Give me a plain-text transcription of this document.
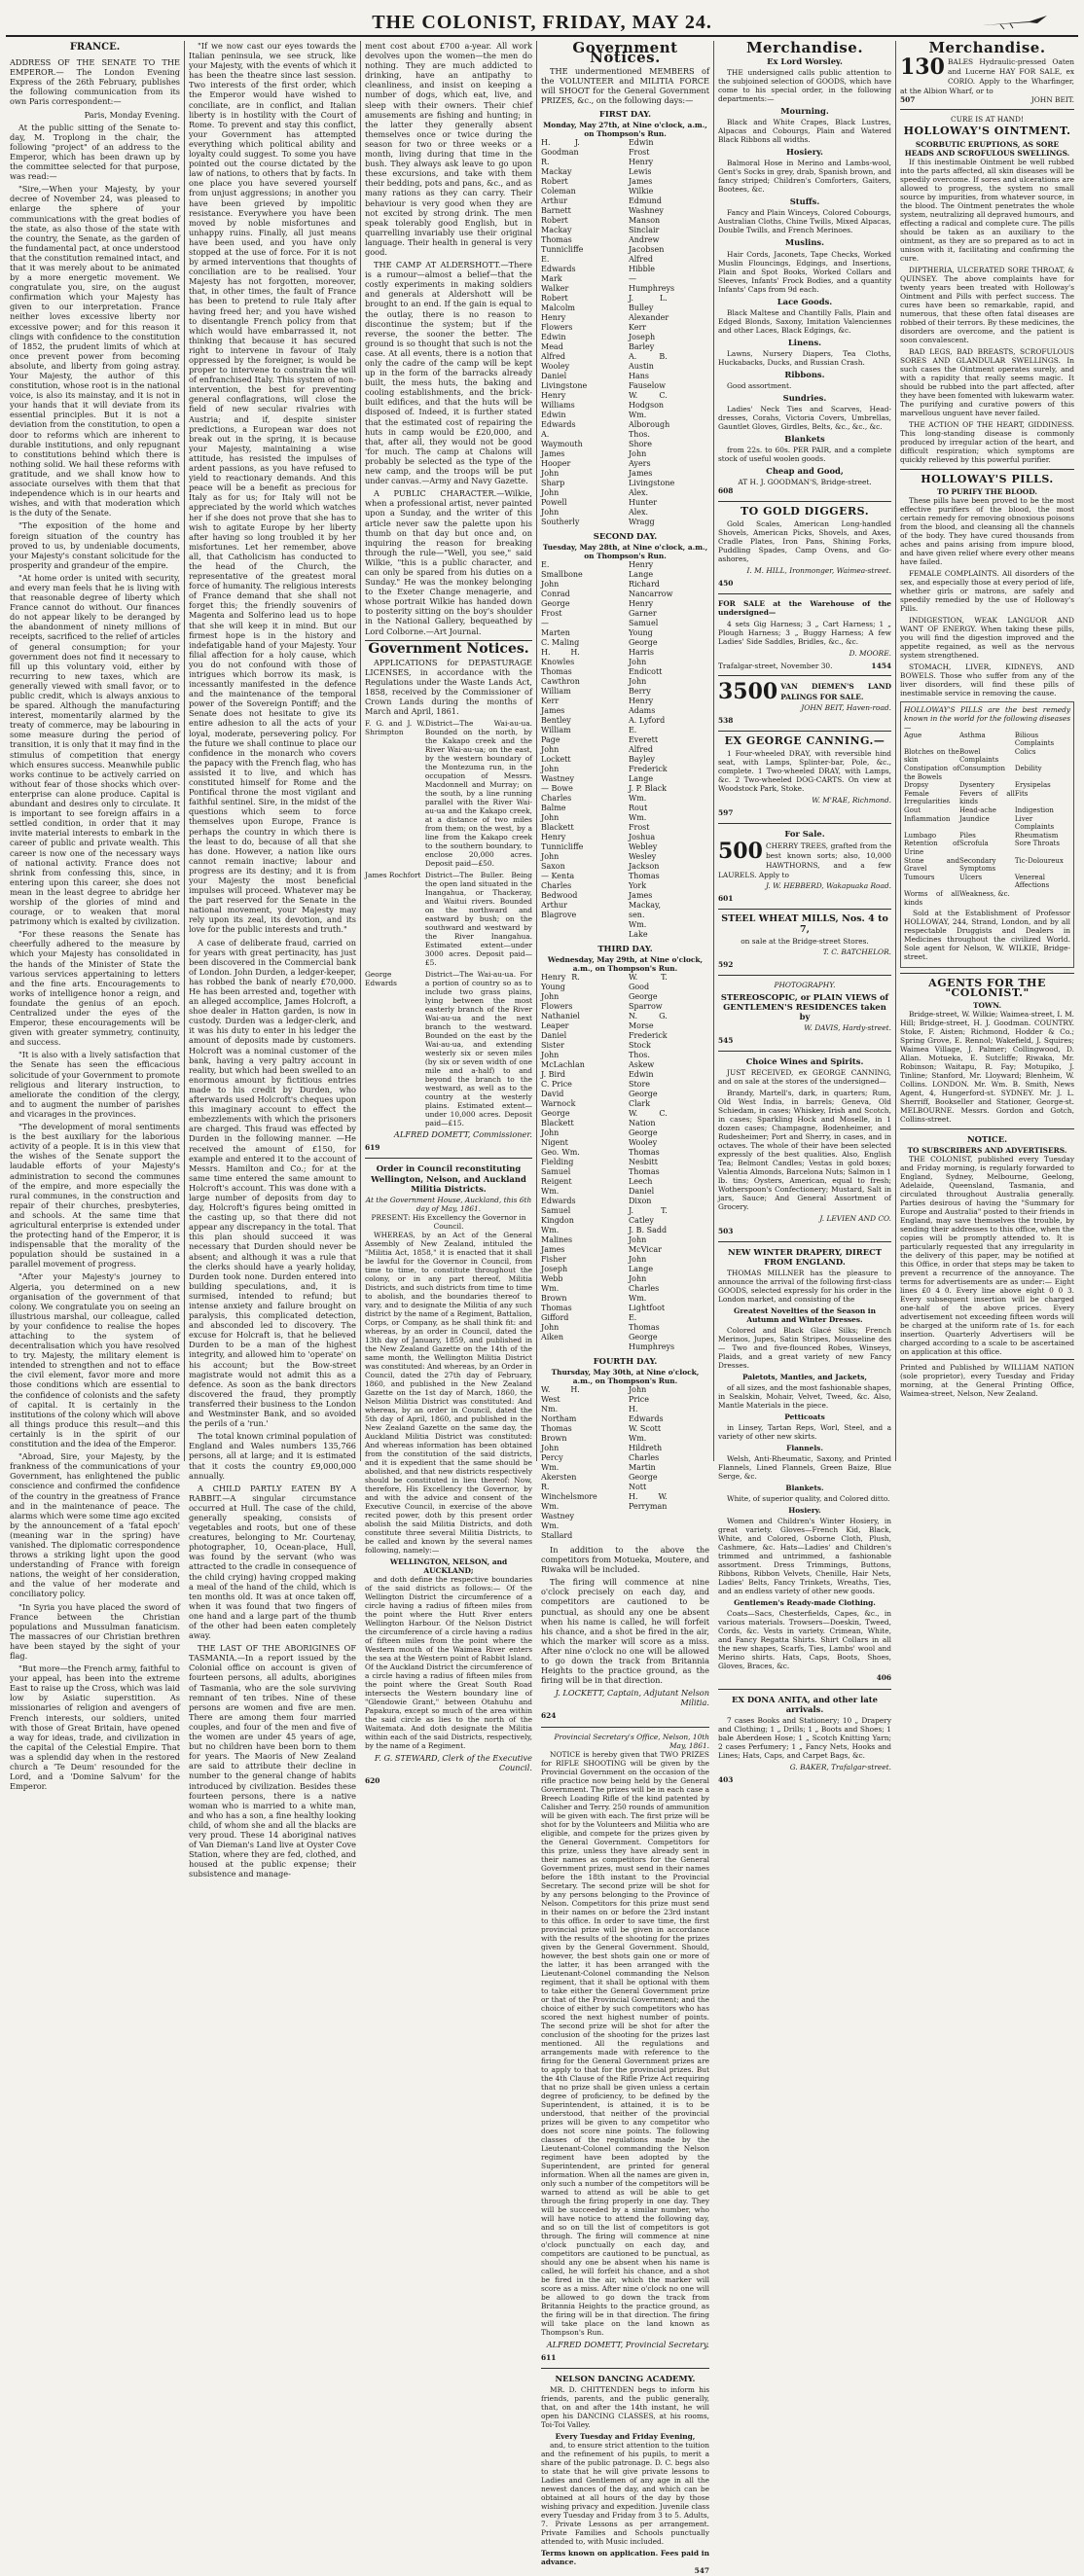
THE COLONIST, FRIDAY, MAY 24.
FRANCE.

ADDRESS OF THE SENATE TO THE EMPEROR.— The London Evening Express of the 26th February, publishes the following communication from its own Paris correspondent:—

Paris, Monday Evening.

At the public sitting of the Senate to-day, M. Troplong in the chair, the following "project" of an address to the Emperor, which has been drawn up by the committee selected for that purpose, was read:—

"Sire,—When your Majesty, by your decree of November 24, was pleased to enlarge the sphere of your communications with the great bodies of the state, as also those of the state with the country, the Senate, as the garden of the fundamental pact, at once understood that the constitution remained intact, and that it was merely about to be animated by a more energetic movement. We congratulate you, sire, on the august confirmation which your Majesty has given to our interpretation. France neither loves excessive liberty nor excessive power; and for this reason it clings with confidence to the constitution of 1852, the prudent limits of which at once prevent power from becoming absolute, and liberty from going astray. Your Majesty, the author of this constitution, whose root is in the national voice, is also its mainstay, and it is not in your hands that it will deviate from its essential principles. But it is not a deviation from the constitution, to open a door to reforms which are inherent to durable institutions, and only repugnant to constitutions behind which there is nothing solid. We hail these reforms with gratitude, and we shall know how to associate ourselves with them that that independence which is in our hearts and wishes, and with that moderation which is the duty of the Senate.

"The exposition of the home and foreign situation of the country has proved to us, by undeniable documents, your Majesty's constant solicitude for the prosperity and grandeur of the empire.

"At home order is united with security, and every man feels that he is living with that reasonable degree of liberty which France cannot do without. Our finances do not appear likely to be deranged by the abandonment of ninety millions of receipts, sacrificed to the relief of articles of general consumption; for your government does not find it necessary to fill up this voluntary void, either by recurring to new taxes, which are generally viewed with small favor, or to public credit, which is always anxious to be spared. Although the manufacturing interest, momentarily alarmed by the treaty of commerce, may be labouring in some measure during the period of transition, it is only that it may find in the stimulus of competition that energy which ensures success. Meanwhile public works continue to be actively carried on without fear of those shocks which over-enterprise can alone produce. Capital is abundant and desires only to circulate. It is important to see foreign affairs in a settled condition, in order that it may invite material interests to embark in the career of public and private wealth. This career is now one of the necessary ways of national activity. France does not shrink from confessing this, since, in entering upon this career, she does not mean in the least degree to abridge her worship of the glories of mind and courage, or to weaken that moral patrimony which is exalted by civilization.

"For these reasons the Senate has cheerfully adhered to the measure by which your Majesty has consolidated in the hands of the Minister of State the various services appertaining to letters and the fine arts. Encouragements to works of intelligence honor a reign, and foundate the genius of an epoch. Centralized under the eyes of the Emperor, these encouragements will be given with greater symmetry, continuity, and success.

"It is also with a lively satisfaction that the Senate has seen the efficacious solicitude of your Government to promote religious and literary instruction, to ameliorate the condition of the clergy, and to augment the number of parishes and vicarages in the provinces.

"The development of moral sentiments is the best auxiliary for the laborious activity of a people. It is in this view that the wishes of the Senate support the laudable efforts of your Majesty's administration to second the communes of the empire, and more especially the rural communes, in the construction and repair of their churches, presbyteries, and schools. At the same time that agricultural enterprise is extended under the protecting hand of the Emperor, it is indispensable that the morality of the population should be sustained in a parallel movement of progress.

"After your Majesty's journey to Algeria, you determined on a new organisation of the government of that colony. We congratulate you on seeing an illustrious marshal, our colleague, called by your confidence to realise the hopes attaching to the system of decentralisation which you have resolved to try. Majesty, the military element is intended to strengthen and not to efface the civil element, favor more and more those conditions which are essential to the confidence of colonists and the safety of capital. It is certainly in the institutions of the colony which will above all things produce this result—and this certainly is in the spirit of our constitution and the idea of the Emperor.

"Abroad, Sire, your Majesty, by the frankness of the communications of your Government, has enlightened the public conscience and confirmed the confidence of the country in the greatness of France and in the maintenance of peace. The alarms which were some time ago excited by the announcement of a 'fatal epoch' (meaning war in the spring) have vanished. The diplomatic correspondence throws a striking light upon the good understanding of France with foreign nations, the weight of her consideration, and the value of her moderate and conciliatory policy.

"In Syria you have placed the sword of France between the Christian populations and Mussulman fanaticism. The massacres of our Christian brethren have been stayed by the sight of your flag.

"But more—the French army, faithful to your appeal, has been into the extreme East to raise up the Cross, which was laid low by Asiatic superstition. As missionaries of religion and avengers of French interests, our soldiers, united with those of Great Britain, have opened a way for ideas, trade, and civilization in the capital of the Celestial Empire. That was a splendid day when in the restored church a 'Te Deum' resounded for the Lord, and a 'Domine Salvum' for the Emperor.

"If we now cast our eyes towards the Italian peninsula, we see struck, like your Majesty, with the events of which it has been the theatre since last session. Two interests of the first order, which the Emperor would have wished to conciliate, are in conflict, and Italian liberty is in hostility with the Court of Rome. To prevent and stay this conflict, your Government has attempted everything which political ability and loyalty could suggest. To some you have pointed out the course dictated by the law of nations, to others that by facts. In one place you have severed yourself from unjust aggressions; in another you have been grieved by impolitic resistance. Everywhere you have been moved by noble misfortunes and unhappy ruins. Finally, all just means have been used, and you have only stopped at the use of force. For it is not by armed interventions that thoughts of conciliation are to be realised. Your Majesty has not forgotten, moreover, that, in other times, the fault of France has been to pretend to rule Italy after having freed her; and you have wished to disentangle French policy from that which would have embarrassed it, not thinking that because it has secured right to intervene in favour of Italy oppressed by the foreigner, is would be proper to intervene to constrain the will of enfranchised Italy. This system of non-intervention, the best for preventing general conflagrations, will close the field of new secular rivalries with Austria; and if, despite sinister predictions, a European war does not break out in the spring, it is because your Majesty, maintaining a wise attitude, has resisted the impulses of ardent passions, as you have refused to yield to reactionary demands. And this peace will be a benefit as precious for Italy as for us; for Italy will not be appreciated by the world which watches her if she does not prove that she has to wish to agitate Europe by her liberty after having so long troubled it by her misfortunes. Let her remember, above all, that Catholicism has conducted to the head of the Church, the representative of the greatest moral force of humanity. The religious interests of France demand that she shall not forget this; the friendly souvenirs of Magenta and Solferino lead us to hope that she will keep it in mind. But our firmest hope is in the history and indefatigable hand of your Majesty. Your filial affection for a holy cause, which you do not confound with those of intrigues which borrow its mask, is incessantly manifested in the defence and the maintenance of the temporal power of the Sovereign Pontiff; and the Senate does not hesitate to give its entire adhesion to all the acts of your loyal, moderate, persevering policy. For the future we shall continue to place our confidence in the monarch who covers the papacy with the French flag, who has assisted it to live, and which has constituted himself for Rome and the Pontifical throne the most vigilant and faithful sentinel. Sire, in the midst of the questions which seem to force themselves upon Europe, France is perhaps the country in which there is the least to do, because of all that she has done. However, a nation like ours cannot remain inactive; labour and progress are its destiny; and it is from your Majesty the most beneficial impulses will proceed. Whatever may be the part reserved for the Senate in the national movement, your Majesty may rely upon its zeal, its devotion, and its love for the public interests and truth."

A case of deliberate fraud, carried on for years with great pertinacity, has just been discovered in the Commercial bank of London. John Durden, a ledger-keeper, has robbed the bank of nearly £70,000. He has been arrested and, together with an alleged accomplice, James Holcroft, a shoe dealer in Hatton garden, is now in custody. Durden was a ledger-clerk, and it was his duty to enter in his ledger the amount of deposits made by customers. Holcroft was a nominal customer of the bank, having a very paltry account in reality, but which had been swelled to an enormous amount by fictitious entries made to his credit by Durden, who afterwards used Holcroft's cheques upon this imaginary account to effect the embezzlements with which the prisoners are charged. This fraud was effected by Durden in the following manner. —He received the amount of £150, for example and entered it to the account of Messrs. Hamilton and Co.; for at the same time entered the same amount to Holcroft's account. This was done with a large number of deposits from day to day, Holcroft's figures being omitted in the casting up, so that there did not appear any discrepancy in the total. That this plan should succeed it was necessary that Durden should never be absent; and although it was a rule that the clerks should have a yearly holiday, Durden took none. Durden entered into building speculations, and, it is surmised, intended to refund; but intense anxiety and failure brought on paralysis, this complicated detection, and absconded led to discovery. The excuse for Holcraft is, that he believed Durden to be a man of the highest integrity, and allowed him to 'operate' on his account; but the Bow-street magistrate would not admit this as a defence. As soon as the bank directors discovered the fraud, they promptly transferred their business to the London and Westminster Bank, and so avoided the perils of a 'run.'

The total known criminal population of England and Wales numbers 135,766 persons, all at large; and it is estimated that it costs the country £9,000,000 annually.

A CHILD PARTLY EATEN BY A RABBIT.—A singular circumstance occurred at Hull. The case of the child, generally speaking, consists of vegetables and roots, but one of these creatures, belonging to Mr. Courtenay, photographer, 10, Ocean-place, Hull, was found by the servant (who was attracted to the cradle in consequence of the child crying) having cropped making a meal of the hand of the child, which is ten months old. It was at once taken off, when it was found that two fingers of one hand and a large part of the thumb of the other had been eaten completely away.

THE LAST OF THE ABORIGINES OF TASMANIA.—In a report issued by the Colonial office on account is given of fourteen persons, all adults, aborigines of Tasmania, who are the sole surviving remnant of ten tribes. Nine of these persons are women and five are men. There are among them four married couples, and four of the men and five of the women are under 45 years of age, but no children have been born to them for years. The Maoris of New Zealand are said to attribute their decline in number to the general change of habits introduced by civilization. Besides these fourteen persons, there is a native woman who is married to a white man, and who has a son, a fine healthy looking child, of whom she and all the blacks are very proud. These 14 aboriginal natives of Van Dieman's Land live at Oyster Cove Station, where they are fed, clothed, and housed at the public expense; their subsistence and manage-

ment cost about £700 a-year. All work devolves upon the women—the men do nothing. They are much addicted to drinking, have an antipathy to cleanliness, and insist on keeping a number of dogs, which eat, live, and sleep with their owners. Their chief amusements are fishing and hunting; in the latter they generally absent themselves once or twice during the season for two or three weeks or a month, living during that time in the bush. They always ask leave to go upon these excursions, and take with them their bedding, pots and pans, &c., and as many rations as they can carry. Their behaviour is very good when they are not excited by strong drink. The men speak tolerably good English, but in quarrelling invariably use their original language. Their health in general is very good.

THE CAMP AT ALDERSHOTT.—There is a rumour—almost a belief—that the costly experiments in making soldiers and generals at Aldershott will be brought to an end. If the gain is equal to the outlay, there is no reason to discontinue the system; but if the reverse, the sooner the better. The ground is so thought that such is not the case. At all events, there is a notion that only the cadre of the camp will be kept up in the form of the barracks already built, the mess huts, the baking and cooling establishments, and the brick-built edifices, and that the huts will be disposed of. Indeed, it is further stated that the estimated cost of repairing the huts in camp would be £20,000, and that, after all, they would not be good 'for much. The camp at Chalons will probably be selected as the type of the new camp, and the troops will be put under canvas.—Army and Navy Gazette.

A PUBLIC CHARACTER.—Wilkie, when a professional artist, never painted upon a Sunday, and the writer of this article never saw the palette upon his thumb on that day but once and, on inquiring the reason for breaking through the rule—"Well, you see," said Wilkie, "this is a public character, and can only be spared from his duties on a Sunday." He was the monkey belonging to the Exeter Change menagerie, and whose portrait Wilkie has handed down to posterity sitting on the boy's shoulder in the National Gallery, bequeathed by Lord Colborne.—Art Journal.

Government Notices.

APPLICATIONS for DEPASTURAGE LICENSES, in accordance with the Regulations under the Waste Lands Act, 1858, received by the Commissioner of Crown Lands during the months of March and April, 1861.

F. G. and J. W. Shrimpton
District—The Wai-au-ua. Bounded on the north, by the Kakapo creek and the River Wai-au-ua; on the east, by the western boundary of the Montezuma run, in the occupation of Messrs. Macdonnell and Murray; on the south, by a line running parallel with the River Wai-au-ua and the Kakapo creek, at a distance of two miles from them; on the west, by a line from the Kakapo creek to the southern boundary, to enclose 20,000 acres. Deposit paid—£50.
James Rochfort District—The Buller. Being the open land situated in the Inangahua, or Thackeray, and Waitui rivers. Bounded on the northward and eastward by bush; on the southward and westward by the River Inangahua. Estimated extent—under 3000 acres. Deposit paid—£5.
George Edwards
District—The Wai-au-ua. For a portion of country so as to include two grass plains, lying between the most easterly branch of the River Wai-au-ua and the next branch to the westward. Bounded on the east by the Wai-au-ua, and extending westerly six or seven miles (by six or seven width of one mile and a-half) to and beyond the branch to the westward, as well as to the country at the westerly plains. Estimated extent—under 10,000 acres. Deposit paid—£15.
ALFRED DOMETT, Commissioner.
619
Order in Council reconstituting Wellington, Nelson, and Auckland Militia Districts.
At the Government House, Auckland, this 6th day of May, 1861.
PRESENT: His Excellency the Governor in Council.

WHEREAS, by an Act of the General Assembly of New Zealand, intituled the "Militia Act, 1858," it is enacted that it shall be lawful for the Governor in Council, from time to time, to constitute throughout the colony, or in any part thereof, Militia Districts, and such districts from time to time to abolish, and the boundaries thereof to vary, and to designate the Militia of any such district by the name of a Regiment, Battalion, Corps, or Company, as he shall think fit: and whereas, by an order in Council, dated the 13th day of January, 1859, and published in the New Zealand Gazette on the 14th of the same month, the Wellington Militia District was constituted: And whereas, by an Order in Council, dated the 27th day of February, 1860, and published in the New Zealand Gazette on the 1st day of March, 1860, the Nelson Militia District was constituted: And whereas, by an order in Council, dated the 5th day of April, 1860, and published in the New Zealand Gazette on the same day, the Auckland Militia District was constituted: And whereas information has been obtained from the constitution of the said districts, and it is expedient that the same should be abolished, and that new districts respectively should be constituted in lieu thereof: Now, therefore, His Excellency the Governor, by and with the advice and consent of the Executive Council, in exercise of the above recited power, doth by this present order abolish the said Militia Districts, and doth constitute three several Militia Districts, to be called and known by the several names following, namely:—

WELLINGTON, NELSON, and AUCKLAND;

and doth define the respective boundaries of the said districts as follows:— Of the Wellington District the circumference of a circle having a radius of fifteen miles from the point where the Hutt River enters Wellington Harbour. Of the Nelson District the circumference of a circle having a radius of fifteen miles from the point where the Western mouth of the Waimea River enters the sea at the Western point of Rabbit Island. Of the Auckland District the circumference of a circle having a radius of fifteen miles from the point where the Great South Road intersects the Western boundary line of "Glendowie Grant," between Otahuhu and Papakura, except so much of the area within the said circle as lies to the north of the Waitemata. And doth designate the Militia within each of the said Districts, respectively, by the name of a Regiment.

F. G. STEWARD, Clerk of the Executive Council.
620
Government Notices.

THE undermentioned MEMBERS of the VOLUNTEER and MILITIA FORCE will SHOOT for the General Government PRIZES, &c., on the following days:—

FIRST DAY.
Monday, May 27th, at Nine o'clock, a.m., on Thompson's Run.
H. J. Goodman
R. Mackay
Robert Coleman
Arthur Barnett
Robert Mackay
Thomas Tunnicliffe
E. Edwards
Mark Walker
Robert Malcolm
Henry Flowers
Edwin Mead
Alfred Wooley
Daniel Livingstone
Henry Williams
Edwin Edwards
A. Waymouth
James Hooper
John Sharp
John Powell
John Southerly
Edwin Frost
Henry Lewis
James Wilkie
Edmund Washney
Manson Sinclair
Andrew Jacobsen
Alfred Hibble
— Humphreys
J. L. Bulley
Alexander Kerr
Joseph Barley
A. B. Austin
Hans Fauselow
W. C. Hodgson
Wm. Alborough
Thos. Shore
John Ayers
James Livingstone
Alex. Hunter
Alex. Wragg
SECOND DAY.
Tuesday, May 28th, at Nine o'clock, a.m., on Thompson's Run.
E. Smallbone
John Conrad
George Frost
— Marten
C. Maling
H. H. Knowles
Thomas Cawthron
William Kerr
James Bentley
William Page
John Lockett
John Wastney
— Bowe
Charles Balme
John Blackett
Henry Tunnicliffe
John Saxon
— Kenta
Charles Bedwood
Arthur Blagrove
Henry Lange
Richard Nancarrow
Henry Garner
Samuel Young
George Harris
John Endicott
John Berry
Henry Adams
A. Lyford
E. Everett
Alfred Bayley
Frederick Lange
J. P. Black
Wm. Rout
Wm. Frost
Joshua Webley
Wesley Jackson
Thomas York
James Mackay, sen.
Wm. Lake
THIRD DAY.
Wednesday, May 29th, at Nine o'clock, a.m., on Thompson's Run.
Henry R. Young
John Flowers
Nathaniel Leaper
Daniel Sister
John McLachlan
J. Bird
C. Price
David Warnock
George Blackett
John Nigent
Geo. Wm. Fielding
Samuel Reigent
Wm. Edwards
Samuel Kingdon
Wm. Malines
James Fisher
Joseph Webb
Wm. Brown
Thomas Gifford
John Aiken
W. T. Good
George Sparrow
N. G. Morse
Frederick Stock
Thos. Askew
Edwin Store
George Clark
W. C. Nation
George Wooley
Thomas Nesbitt
Thomas Leech
Daniel Dixon
J. T. Catley
J. B. Sadd
John McVicar
John Lange
John Charles
Wm. Lightfoot
E. Thomas
George Humphreys
FOURTH DAY.
Thursday, May 30th, at Nine o'clock, a.m., on Thompson's Run.
W. H. West
Nm. Northam
Thomas Brown
John Percy
Wm. Akersten
R. Winchelsmore
Wm. Wastney
Wm. Stallard
John Price
H. Edwards
W. Scott
Wm. Hildreth
Charles Martin
George Nott
H. W. Perryman

In addition to the above the competitors from Motueka, Moutere, and Riwaka will be included.

The firing will commence at nine o'clock precisely on each day, and competitors are cautioned to be punctual, as should any one be absent when his name is called, he will forfeit his chance, and a shot be fired in the air, which the marker will score as a miss. After nine o'clock no one will be allowed to go down the track from Britannia Heights to the practice ground, as the firing will be in that direction.

J. LOCKETT, Captain, Adjutant Nelson Militia.
624
Provincial Secretary's Office, Nelson, 10th May, 1861.

NOTICE is hereby given that TWO PRIZES for RIFLE SHOOTING will be given by the Provincial Government on the occasion of the rifle practice now being held by the General Government. The prizes will be in each case a Breech Loading Rifle of the kind patented by Calisher and Terry. 250 rounds of ammunition will be given with each. The first prize will be shot for by the Volunteers and Militia who are eligible, and compete for the prizes given by the General Government. Competitors for this prize, unless they have already sent in their names as competitors for the General Government prizes, must send in their names before the 18th instant to the Provincial Secretary. The second prize will be shot for by any persons belonging to the Province of Nelson. Competitors for this prize must send in their names on or before the 23rd instant to this office. In order to save time, the first provincial prize will be given in accordance with the results of the shooting for the prizes given by the General Government. Should, however, the best shots gain one or more of the latter, it has been arranged with the Lieutenant-Colonel commanding the Nelson regiment, that it shall be optional with them to take either the General Government prize or that of the Provincial Government; and the choice of either by such competitors who has scored the next highest number of points. The second prize will be shot for after the conclusion of the shooting for the prizes last mentioned. All the regulations and arrangements made with reference to the firing for the General Government prizes are to apply to that for the provincial prizes. But the 4th Clause of the Rifle Prize Act requiring that no prize shall be given unless a certain degree of proficiency, to be defined by the Superintendent, is attained, it is to be understood, that neither of the provincial prizes will be given to any competitor who does not score nine points. The following classes of the regulations made by the Lieutenant-Colonel commanding the Nelson regiment have been adopted by the Superintendent, are printed for general information. When all the names are given in, only such a number of the competitors will be warned to attend as will be able to get through the firing properly in one day. They will be succeeded by a similar number, who will have notice to attend the following day, and so on till the list of competitors is got through. The firing will commence at nine o'clock punctually on each day, and competitors are cautioned to be punctual, as should any one be absent when his name is called, he will forfeit his chance, and a shot be fired in the air, which the marker will score as a miss. After nine o'clock no one will be allowed to go down the track from Britannia Heights to the practice ground, as the firing will be in that direction. The firing will take place on the land known as Thompson's Run.

ALFRED DOMETT, Provincial Secretary.
611
NELSON DANCING ACADEMY.

MR. D. CHITTENDEN begs to inform his friends, parents, and the public generally, that, on and after the 14th instant, he will open his DANCING CLASSES, at his rooms, Toi-Toi Valley.

Every Tuesday and Friday Evening,

and, to ensure strict attention to the tuition and the refinement of his pupils, to merit a share of the public patronage. D. C. begs also to state that he will give private lessons to Ladies and Gentlemen of any age in all the newest dances of the day, and which can be obtained at all hours of the day by those wishing privacy and expedition. Juvenile class every Tuesday and Friday from 3 to 5. Adults, 7. Private Lessons as per arrangement. Private Families and Schools punctually attended to, with Music included.

Terms known on application. Fees paid in advance.
547
Merchandise.
Ex Lord Worsley.

THE undersigned calls public attention to the subjoined selection of GOODS, which have come to his special order, in the following departments:—

Mourning.

Black and White Crapes, Black Lustres, Alpacas and Cobourgs, Plain and Watered Black Ribbons all widths.

Hosiery.

Balmoral Hose in Merino and Lambs-wool, Gent's Socks in grey, drab, Spanish brown, and fancy striped; Children's Comforters, Gaiters, Bootees, &c.

Stuffs.

Fancy and Plain Winceys, Colored Cobourgs, Australian Cloths, Chine Twills, Mixed Alpacas, Double Twills, and French Merinoes.

Muslins.

Hair Cords, Jaconets, Tape Checks, Worked Muslin Flouncings, Edgings, and Insertions, Plain and Spot Books, Worked Collars and Sleeves, Infants' Frock Bodies, and a quantity Infants' Caps from 9d each.

Lace Goods.

Black Maltese and Chantilly Falls, Plain and Edged Blonds, Saxony, Imitation Valenciennes and other Laces, Black Edgings, &c.

Linens.

Lawns, Nursery Diapers, Tea Cloths, Huckabacks, Ducks, and Russian Crash.

Ribbons.

Good assortment.

Sundries.

Ladies' Neck Ties and Scarves, Head-dresses, Corahs, Victoria Covers, Umbrellas, Gauntlet Gloves, Girdles, Belts, &c., &c., &c.

Blankets

from 22s. to 60s. PER PAIR, and a complete stock of useful woolen goods.

Cheap and Good,
AT H. J. GOODMAN'S, Bridge-street.
608
TO GOLD DIGGERS.

Gold Scales, American Long-handled Shovels, American Picks, Shovels, and Axes, Cradle Plates, Iron Pans, Shining Forks, Puddling Spades, Camp Ovens, and Go-ashores,

I. M. HILL, Ironmonger, Waimea-street.
450

FOR SALE at the Warehouse of the undersigned—

4 sets Gig Harness; 3 „ Cart Harness; 1 „ Plough Harness; 3 „ Buggy Harness; A few Ladies' Side Saddles, Bridles, &c., &c.

D. MOORE.
Trafalgar-street, November 30.	1454
3500 VAN DIEMEN'S LAND PALINGS FOR SALE.
JOHN BEIT, Haven-road.
538
EX GEORGE CANNING.—

1 Four-wheeled DRAY, with reversible hind seat, with Lamps, Splinter-bar, Pole, &c., complete. 1 Two-wheeled DRAY, with Lamps, &c. 2 Two-wheeled DOG-CARTS. On view at Woodstock Park, Stoke.

W. M'RAE, Richmond.
597
For Sale.
500 CHERRY TREES, grafted from the best known sorts; also, 10,000 HAWTHORNS, and a few LAURELS. Apply to
J. W. HEBBERD, Wakapuaka Road.
601
STEEL WHEAT MILLS, Nos. 4 to 7,
on sale at the Bridge-street Stores.
T. C. BATCHELOR.
592
PHOTOGRAPHY.
STEREOSCOPIC, or PLAIN VIEWS of GENTLEMEN'S RESIDENCES taken by
W. DAVIS, Hardy-street.
545
Choice Wines and Spirits.

JUST RECEIVED, ex GEORGE CANNING, and on sale at the stores of the undersigned—

Brandy, Martell's, dark, in quarters; Rum, Old West India, in barrels; Geneva, Old Schiedam, in cases; Whiskey, Irish and Scotch, in cases; Sparkling Hock and Moselle, in 1 dozen cases; Champagne, Bodenheimer, and Rudesheimer; Port and Sherry, in cases, and in octaves. The whole of their have been selected expressly of the best qualities. Also, English Tea; Belmont Candles; Vestas in gold boxes; Valentia Almonds, Barcelona Nuts; Salmon in 1 lb. tins; Oysters, American, equal to fresh; Wotherspoon's Confectionery; Mustard, Salt in jars, Sauce; And General Assortment of Grocery.

J. LEVIEN AND CO.
503
NEW WINTER DRAPERY, DIRECT FROM ENGLAND.

THOMAS MILLNER has the pleasure to announce the arrival of the following first-class GOODS, selected expressly for his order in the London market, and consisting of the

Greatest Novelties of the Season in Autumn and Winter Dresses.

Colored and Black Glacé Silks; French Merinos, Jupes, Satin Stripes, Mousseline des— Two and five-flounced Robes, Winseys, Plaids, and a great variety of new Fancy Dresses.

Paletots, Mantles, and Jackets,

of all sizes, and the most fashionable shapes, in Sealskin, Mohair, Velvet, Tweed, &c. Also, Mantle Materials in the piece.

Petticoats

in Linsey, Tartan Reps, Worl, Steel, and a variety of other new skirts.

Flannels.

Welsh, Anti-Rheumatic, Saxony, and Printed Flannels, Lined Flannels, Green Baize, Blue Serge, &c.

Blankets.

White, of superior quality, and Colored ditto.

Hosiery.

Women and Children's Winter Hosiery, in great variety. Gloves—French Kid, Black, White, and Colored, Osborne Cloth, Plush, Cashmere, &c. Hats—Ladies' and Children's trimmed and untrimmed, a fashionable assortment. Dress Trimmings, Buttons, Ribbons, Ribbon Velvets, Chenille, Hair Nets, Ladies' Belts, Fancy Trinkets, Wreaths, Ties, and an endless variety of other new goods.

Gentlemen's Ready-made Clothing.

Coats—Sacs, Chesterfields, Capes, &c., in various materials. Trowsers—Doeskin, Tweed, Cords, &c. Vests in variety. Crimean, White, and Fancy Regatta Shirts. Shirt Collars in all the new shapes, Scarfs, Ties, Lambs' wool and Merino shirts. Hats, Caps, Boots, Shoes, Gloves, Braces, &c.

406
EX DONA ANITA, and other late arrivals.

7 cases Books and Stationery; 10 „ Drapery and Clothing; 1 „ Drills; 1 „ Boots and Shoes; 1 bale Aberdeen Hose; 1 „ Scotch Knitting Yarn; 2 cases Perfumery; 1 „ Fancy Nets, Hooks and Lines; Hats, Caps, and Carpet Bags, &c.

G. BAKER, Trafalgar-street.
403
Merchandise.
130 BALES Hydraulic-pressed Oaten and Lucerne HAY FOR SALE, ex CORIO. Apply to the Wharfinger, at the Albion Wharf, or to
507	JOHN BEIT.
CURE IS AT HAND!
HOLLOWAY'S OINTMENT.
SCORBUTIC ERUPTIONS, AS SORE HEADS AND SCROFULOUS SWELLINGS.

If this inestimable Ointment be well rubbed into the parts affected, all skin diseases will be speedily overcome. If sores and ulcerations are allowed to progress, the system no small source by impurities, from whatever source, in the blood. The Ointment penetrates the whole system, neutralizing all depraved humours, and effecting a radical and complete cure. The pills should be taken as an auxiliary to the ointment, as they are so prepared as to act in unison with it, facilitating and confirming the cure.

DIPTHERIA, ULCERATED SORE THROAT, & QUINSEY. The above complaints have for twenty years been treated with Holloway's Ointment and Pills with perfect success. The cures have been so remarkable, rapid, and numerous, that these often fatal diseases are robbed of their terrors. By these medicines, the disorders are overcome, and the patient is soon convalescent.

BAD LEGS, BAD BREASTS, SCROFULOUS SORES AND GLANDULAR SWELLINGS. In such cases the Ointment operates surely, and with a rapidity that really seems magic. It should be rubbed into the part affected, after they have been fomented with lukewarm water. The purifying and curative powers of this marvellous unguent have never failed.

THE ACTION OF THE HEART, GIDDINESS. This long-standing disease is commonly produced by irregular action of the heart, and difficult respiration; which symptoms are quickly relieved by this powerful purifier.

HOLLOWAY'S PILLS.
TO PURIFY THE BLOOD.

These pills have been proved to be the most effective purifiers of the blood, the most certain remedy for removing obnoxious poisons from the blood, and cleansing all the channels of the body. They have cured thousands from aches and pains arising from impure blood, and have given relief where every other means have failed.

FEMALE COMPLAINTS. All disorders of the sex, and especially those at every period of life, whether girls or matrons, are safely and speedily remedied by the use of Holloway's Pills.

INDIGESTION, WEAK LANGUOR AND WANT OF ENERGY. When taking these pills, you will find the digestion improved and the appetite regained, as well as the nervous system strengthened.

STOMACH, LIVER, KIDNEYS, AND BOWELS. Those who suffer from any of the liver disorders, will find these pills of inestimable service in removing the cause.

HOLLOWAY'S PILLS are the best remedy known in the world for the following diseases—
Ague	Asthma	Bilious Complaints
Blotches on the skin
Bowel Complaints
Colics
Constipation of the Bowels
Consumption	Debility
Dropsy	Dysentery	Erysipelas
Female Irregularities
Fevers of all kinds
Fits
Gout	Head-ache	Indigestion
Inflammation	Jaundice	Liver Complaints
Lumbago	Piles	Rheumatism
Retention of Urine
Scrofula	Sore Throats
Stone and Gravel
Secondary Symptoms
Tic-Doloureux
Tumours	Ulcers	Venereal Affections
Worms of all kinds
Weakness, &c.

Sold at the Establishment of Professor HOLLOWAY, 244, Strand, London, and by all respectable Druggists and Dealers in Medicines throughout the civilized World. Sole agent for Nelson, W. WILKIE, Bridge-street.

AGENTS FOR THE "COLONIST."
TOWN.

Bridge-street, W. Wilkie; Waimea-street, I. M. Hill; Bridge-street, H. J. Goodman. COUNTRY. Stoke, F. Aisten; Richmond, Hodder & Co.; Spring Grove, E. Rennol; Wakefield, J. Squires; Waimea Village, J. Palmer; Collingwood, D. Allan. Motueka, E. Sutcliffe; Riwaka, Mr. Robinson; Waitapu, R. Fay; Motupiko, J. Tinline; Stanford, Mr. Lloyward; Blenheim, W. Collins. LONDON. Mr. Wm. B. Smith, News Agent, 4, Hungerford-st. SYDNEY. Mr. J. L. Sherriff, Bookseller and Stationer, George-st. MELBOURNE. Messrs. Gordon and Gotch, Collins-street.

NOTICE.
TO SUBSCRIBERS AND ADVERTISERS.

THE COLONIST, published every Tuesday and Friday morning, is regularly forwarded to England, Sydney, Melbourne, Geelong, Adelaide, Queensland, Tasmania, and circulated throughout Australia generally. Parties desirous of having the "Summary for Europe and Australia" posted to their friends in England, may save themselves the trouble, by sending their addresses to this office, when the copies will be promptly attended to. It is particularly requested that any irregularity in the delivery of this paper, may be notified at this Office, in order that steps may be taken to prevent a recurrence of the annoyance. The terms for advertisements are as under:— Eight lines £0 4 0. Every line above eight 0 0 3. Every subsequent insertion will be charged one-half of the above prices. Every advertisement not exceeding fifteen words will be charged at the uniform rate of 1s. for each insertion. Quarterly Advertisers will be charged according to a scale to be ascertained on application at this office.

Printed and Published by WILLIAM NATION (sole proprietor), every Tuesday and Friday morning, at the General Printing Office, Waimea-street, Nelson, New Zealand.
